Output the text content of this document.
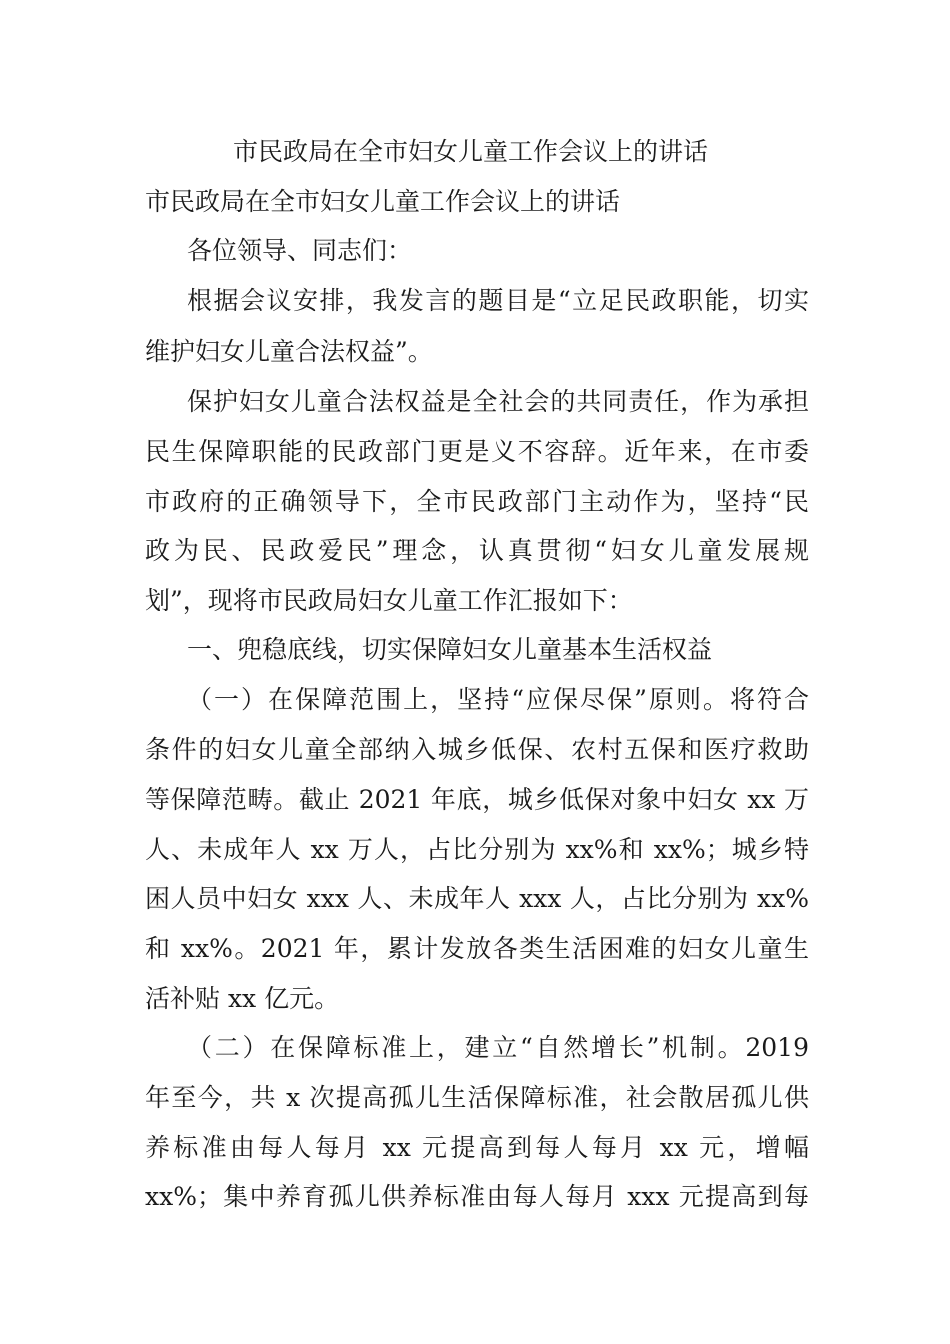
市民政局在全市妇女儿童工作会议上的讲话
市民政局在全市妇女儿童工作会议上的讲话
各位领导、同志们：
根据会议安排，我发言的题目是“立足民政职能，切实
维护妇女儿童合法权益”。
保护妇女儿童合法权益是全社会的共同责任，作为承担
民生保障职能的民政部门更是义不容辞。近年来，在市委
市政府的正确领导下，全市民政部门主动作为，坚持“民
政为民、民政爱民”理念，认真贯彻“妇女儿童发展规
划”，现将市民政局妇女儿童工作汇报如下：
一、兜稳底线，切实保障妇女儿童基本生活权益
（一）在保障范围上，坚持“应保尽保”原则。将符合
条件的妇女儿童全部纳入城乡低保、农村五保和医疗救助
等保障范畴。截止 2021 年底，城乡低保对象中妇女 xx 万
人、未成年人 xx 万人，占比分别为 xx%和 xx%；城乡特
困人员中妇女 xxx 人、未成年人 xxx 人，占比分别为 xx%
和 xx%。2021 年，累计发放各类生活困难的妇女儿童生
活补贴 xx 亿元。
（二）在保障标准上，建立“自然增长”机制。2019
年至今，共 x 次提高孤儿生活保障标准，社会散居孤儿供
养标准由每人每月 xx 元提高到每人每月 xx 元，增幅
xx%；集中养育孤儿供养标准由每人每月 xxx 元提高到每
